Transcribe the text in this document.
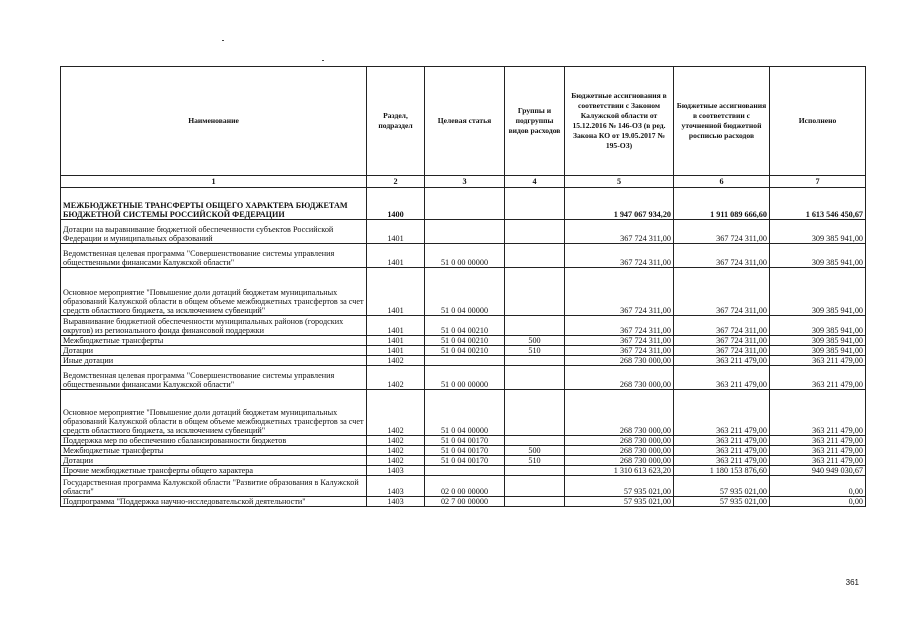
Наименование	Раздел, подраздел	Целевая статья	Группы и подгруппы видов расходов	Бюджетные ассигнования в соответствии с Законом Калужской области от 15.12.2016 № 146-ОЗ (в ред. Закона КО от 19.05.2017 № 195-ОЗ)	Бюджетные ассигнования в соответствии с уточненной бюджетной росписью расходов	Исполнено
1	2	3	4	5	6	7
МЕЖБЮДЖЕТНЫЕ ТРАНСФЕРТЫ ОБЩЕГО ХАРАКТЕРА БЮДЖЕТАМ БЮДЖЕТНОЙ СИСТЕМЫ РОССИЙСКОЙ ФЕДЕРАЦИИ	1400			1 947 067 934,20	1 911 089 666,60	1 613 546 450,67
Дотации на выравнивание бюджетной обеспеченности субъектов Российской Федерации и муниципальных образований	1401			367 724 311,00	367 724 311,00	309 385 941,00
Ведомственная целевая программа "Совершенствование системы управления общественными финансами Калужской области"	1401	51 0 00 00000		367 724 311,00	367 724 311,00	309 385 941,00
Основное мероприятие "Повышение доли дотаций бюджетам муниципальных образований Калужской области в общем объеме межбюджетных трансфертов за счет средств областного бюджета, за исключением субвенций"	1401	51 0 04 00000		367 724 311,00	367 724 311,00	309 385 941,00
Выравнивание бюджетной обеспеченности муниципальных районов (городских округов) из регионального фонда финансовой поддержки	1401	51 0 04 00210		367 724 311,00	367 724 311,00	309 385 941,00
Межбюджетные трансферты	1401	51 0 04 00210	500	367 724 311,00	367 724 311,00	309 385 941,00
Дотации	1401	51 0 04 00210	510	367 724 311,00	367 724 311,00	309 385 941,00
Иные дотации	1402			268 730 000,00	363 211 479,00	363 211 479,00
Ведомственная целевая программа "Совершенствование системы управления общественными финансами Калужской области"	1402	51 0 00 00000		268 730 000,00	363 211 479,00	363 211 479,00
Основное мероприятие "Повышение доли дотаций бюджетам муниципальных образований Калужской области в общем объеме межбюджетных трансфертов за счет средств областного бюджета, за исключением субвенций"	1402	51 0 04 00000		268 730 000,00	363 211 479,00	363 211 479,00
Поддержка мер по обеспечению сбалансированности бюджетов	1402	51 0 04 00170		268 730 000,00	363 211 479,00	363 211 479,00
Межбюджетные трансферты	1402	51 0 04 00170	500	268 730 000,00	363 211 479,00	363 211 479,00
Дотации	1402	51 0 04 00170	510	268 730 000,00	363 211 479,00	363 211 479,00
Прочие межбюджетные трансферты общего характера	1403			1 310 613 623,20	1 180 153 876,60	940 949 030,67
Государственная программа Калужской области "Развитие образования в Калужской области"	1403	02 0 00 00000		57 935 021,00	57 935 021,00	0,00
Подпрограмма "Поддержка научно-исследовательской деятельности"	1403	02 7 00 00000		57 935 021,00	57 935 021,00	0,00
361
